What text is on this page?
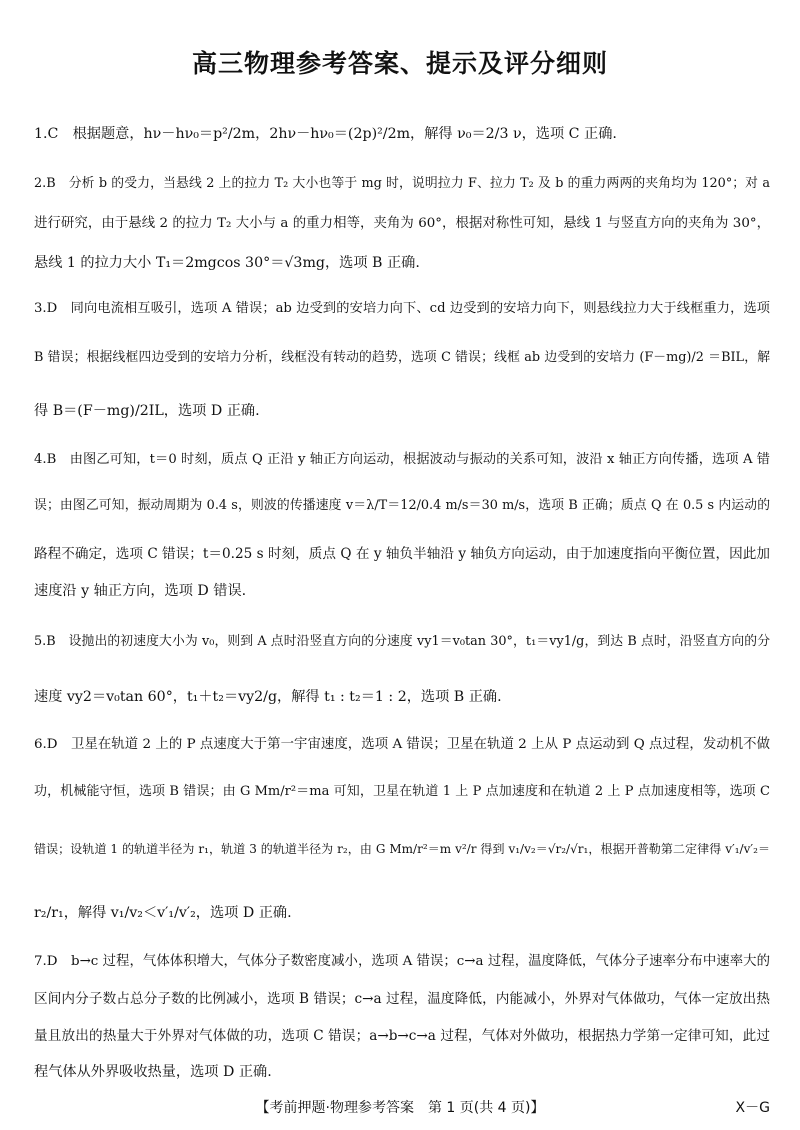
高三物理参考答案、提示及评分细则
1.C　根据题意，hν－hν₀＝p²/2m，2hν－hν₀＝(2p)²/2m，解得 ν₀＝2/3 ν，选项 C 正确.
2.B　分析 b 的受力，当悬线 2 上的拉力 T₂ 大小也等于 mg 时，说明拉力 F、拉力 T₂ 及 b 的重力两两的夹角均为 120°；对 a
进行研究，由于悬线 2 的拉力 T₂ 大小与 a 的重力相等，夹角为 60°，根据对称性可知，悬线 1 与竖直方向的夹角为 30°，
悬线 1 的拉力大小 T₁＝2mgcos 30°＝√3mg，选项 B 正确.
3.D　同向电流相互吸引，选项 A 错误；ab 边受到的安培力向下、cd 边受到的安培力向下，则悬线拉力大于线框重力，选项
B 错误；根据线框四边受到的安培力分析，线框没有转动的趋势，选项 C 错误；线框 ab 边受到的安培力 (F－mg)/2 ＝BIL，解
得 B＝(F－mg)/2IL，选项 D 正确.
4.B　由图乙可知，t＝0 时刻，质点 Q 正沿 y 轴正方向运动，根据波动与振动的关系可知，波沿 x 轴正方向传播，选项 A 错
误；由图乙可知，振动周期为 0.4 s，则波的传播速度 v＝λ/T＝12/0.4 m/s＝30 m/s，选项 B 正确；质点 Q 在 0.5 s 内运动的
路程不确定，选项 C 错误；t＝0.25 s 时刻，质点 Q 在 y 轴负半轴沿 y 轴负方向运动，由于加速度指向平衡位置，因此加
速度沿 y 轴正方向，选项 D 错误.
5.B　设抛出的初速度大小为 v₀，则到 A 点时沿竖直方向的分速度 vy1＝v₀tan 30°，t₁＝vy1/g，到达 B 点时，沿竖直方向的分
速度 vy2＝v₀tan 60°，t₁＋t₂＝vy2/g，解得 t₁ : t₂＝1 : 2，选项 B 正确.
6.D　卫星在轨道 2 上的 P 点速度大于第一宇宙速度，选项 A 错误；卫星在轨道 2 上从 P 点运动到 Q 点过程，发动机不做
功，机械能守恒，选项 B 错误；由 G Mm/r²＝ma 可知，卫星在轨道 1 上 P 点加速度和在轨道 2 上 P 点加速度相等，选项 C
错误；设轨道 1 的轨道半径为 r₁，轨道 3 的轨道半径为 r₂，由 G Mm/r²＝m v²/r 得到 v₁/v₂＝√r₂/√r₁，根据开普勒第二定律得 v′₁/v′₂＝
r₂/r₁，解得 v₁/v₂＜v′₁/v′₂，选项 D 正确.
7.D　b→c 过程，气体体积增大，气体分子数密度减小，选项 A 错误；c→a 过程，温度降低，气体分子速率分布中速率大的
区间内分子数占总分子数的比例减小，选项 B 错误；c→a 过程，温度降低，内能减小，外界对气体做功，气体一定放出热
量且放出的热量大于外界对气体做的功，选项 C 错误；a→b→c→a 过程，气体对外做功，根据热力学第一定律可知，此过
程气体从外界吸收热量，选项 D 正确.
【考前押题·物理参考答案　第 1 页(共 4 页)】	X－G
